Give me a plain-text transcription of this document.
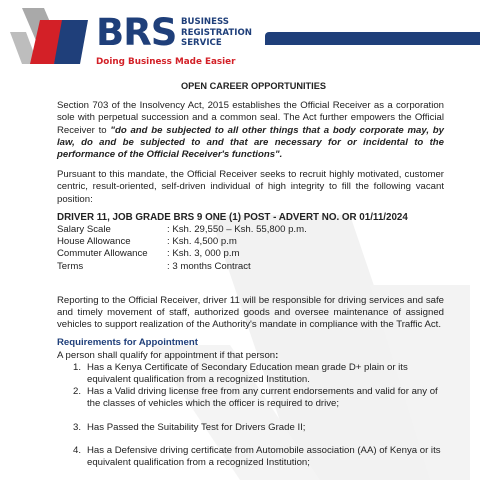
BRS BUSINESS
REGISTRATION
SERVICE
Doing Business Made Easier
OPEN CAREER OPPORTUNITIES

Section 703 of the Insolvency Act, 2015 establishes the Official Receiver as a corporation sole with perpetual succession and a common seal. The Act further empowers the Official Receiver to "do and be subjected to all other things that a body corporate may, by law, do and be subjected to and that are necessary for or incidental to the performance of the Official Receiver's functions".

Pursuant to this mandate, the Official Receiver seeks to recruit highly motivated, customer centric, result-oriented, self-driven individual of high integrity to fill the following vacant position:

DRIVER 11, JOB GRADE BRS 9 ONE (1) POST - ADVERT NO. OR 01/11/2024
Salary Scale	: Ksh. 29,550 – Ksh. 55,800 p.m.
House Allowance	: Ksh. 4,500 p.m
Commuter Allowance	: Ksh. 3, 000 p.m
Terms	: 3 months Contract

Reporting to the Official Receiver, driver 11 will be responsible for driving services and safe and timely movement of staff, authorized goods and oversee maintenance of assigned vehicles to support realization of the Authority's mandate in compliance with the Traffic Act.

Requirements for Appointment
A person shall qualify for appointment if that person:
1. Has a Kenya Certificate of Secondary Education mean grade D+ plain or its equivalent qualification from a recognized Institution.
2. Has a Valid driving license free from any current endorsements and valid for any of the classes of vehicles which the officer is required to drive;
3. Has Passed the Suitability Test for Drivers Grade II;
4. Has a Defensive driving certificate from Automobile association (AA) of Kenya or its equivalent qualification from a recognized Institution;
